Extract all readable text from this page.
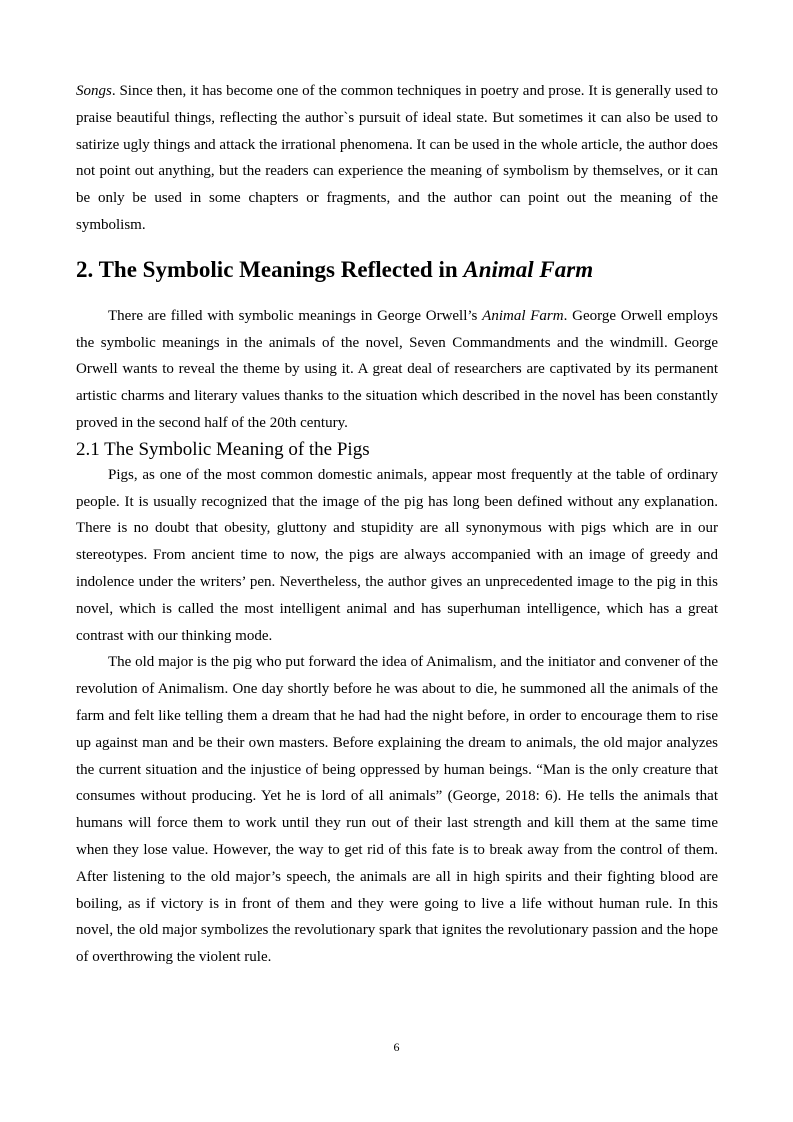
Songs. Since then, it has become one of the common techniques in poetry and prose. It is generally used to praise beautiful things, reflecting the author`s pursuit of ideal state. But sometimes it can also be used to satirize ugly things and attack the irrational phenomena. It can be used in the whole article, the author does not point out anything, but the readers can experience the meaning of symbolism by themselves, or it can be only be used in some chapters or fragments, and the author can point out the meaning of the symbolism.

2. The Symbolic Meanings Reflected in Animal Farm

There are filled with symbolic meanings in George Orwell’s Animal Farm. George Orwell employs the symbolic meanings in the animals of the novel, Seven Commandments and the windmill. George Orwell wants to reveal the theme by using it. A great deal of researchers are captivated by its permanent artistic charms and literary values thanks to the situation which described in the novel has been constantly proved in the second half of the 20th century.

2.1 The Symbolic Meaning of the Pigs

Pigs, as one of the most common domestic animals, appear most frequently at the table of ordinary people. It is usually recognized that the image of the pig has long been defined without any explanation. There is no doubt that obesity, gluttony and stupidity are all synonymous with pigs which are in our stereotypes. From ancient time to now, the pigs are always accompanied with an image of greedy and indolence under the writers’ pen. Nevertheless, the author gives an unprecedented image to the pig in this novel, which is called the most intelligent animal and has superhuman intelligence, which has a great contrast with our thinking mode.

The old major is the pig who put forward the idea of Animalism, and the initiator and convener of the revolution of Animalism. One day shortly before he was about to die, he summoned all the animals of the farm and felt like telling them a dream that he had had the night before, in order to encourage them to rise up against man and be their own masters. Before explaining the dream to animals, the old major analyzes the current situation and the injustice of being oppressed by human beings. “Man is the only creature that consumes without producing. Yet he is lord of all animals” (George, 2018: 6). He tells the animals that humans will force them to work until they run out of their last strength and kill them at the same time when they lose value. However, the way to get rid of this fate is to break away from the control of them. After listening to the old major’s speech, the animals are all in high spirits and their fighting blood are boiling, as if victory is in front of them and they were going to live a life without human rule. In this novel, the old major symbolizes the revolutionary spark that ignites the revolutionary passion and the hope of overthrowing the violent rule.

6
